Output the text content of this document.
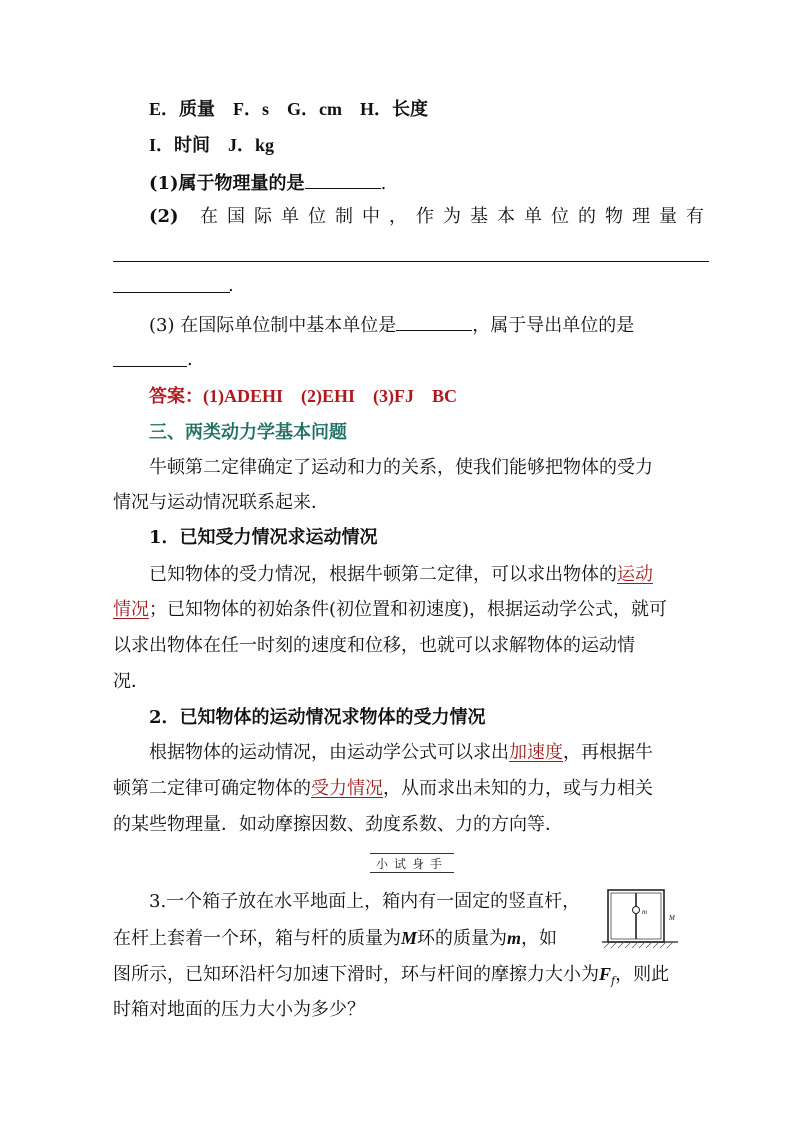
E．质量　F．s　G．cm　H．长度
I．时间　J．kg
(1)属于物理量的是	.
(2) 在国际单位制中，作为基本单位的物理量有
.
(3) 在国际单位制中基本单位是	，属于导出单位的是
.
答案：(1)ADEHI　(2)EHI　(3)FJ　BC
三、两类动力学基本问题
牛顿第二定律确定了运动和力的关系，使我们能够把物体的受力
情况与运动情况联系起来．
1．已知受力情况求运动情况
已知物体的受力情况，根据牛顿第二定律，可以求出物体的运动
情况；已知物体的初始条件(初位置和初速度)，根据运动学公式，就可
以求出物体在任一时刻的速度和位移，也就可以求解物体的运动情
况．
2．已知物体的运动情况求物体的受力情况
根据物体的运动情况，由运动学公式可以求出加速度，再根据牛
顿第二定律可确定物体的受力情况，从而求出未知的力，或与力相关
的某些物理量．如动摩擦因数、劲度系数、力的方向等．
小试身手
3.一个箱子放在水平地面上，箱内有一固定的竖直杆，
在杆上套着一个环，箱与杆的质量为M环的质量为m，如
图所示，已知环沿杆匀加速下滑时，环与杆间的摩擦力大小为$F_f$，则此
时箱对地面的压力大小为多少？
m
M
